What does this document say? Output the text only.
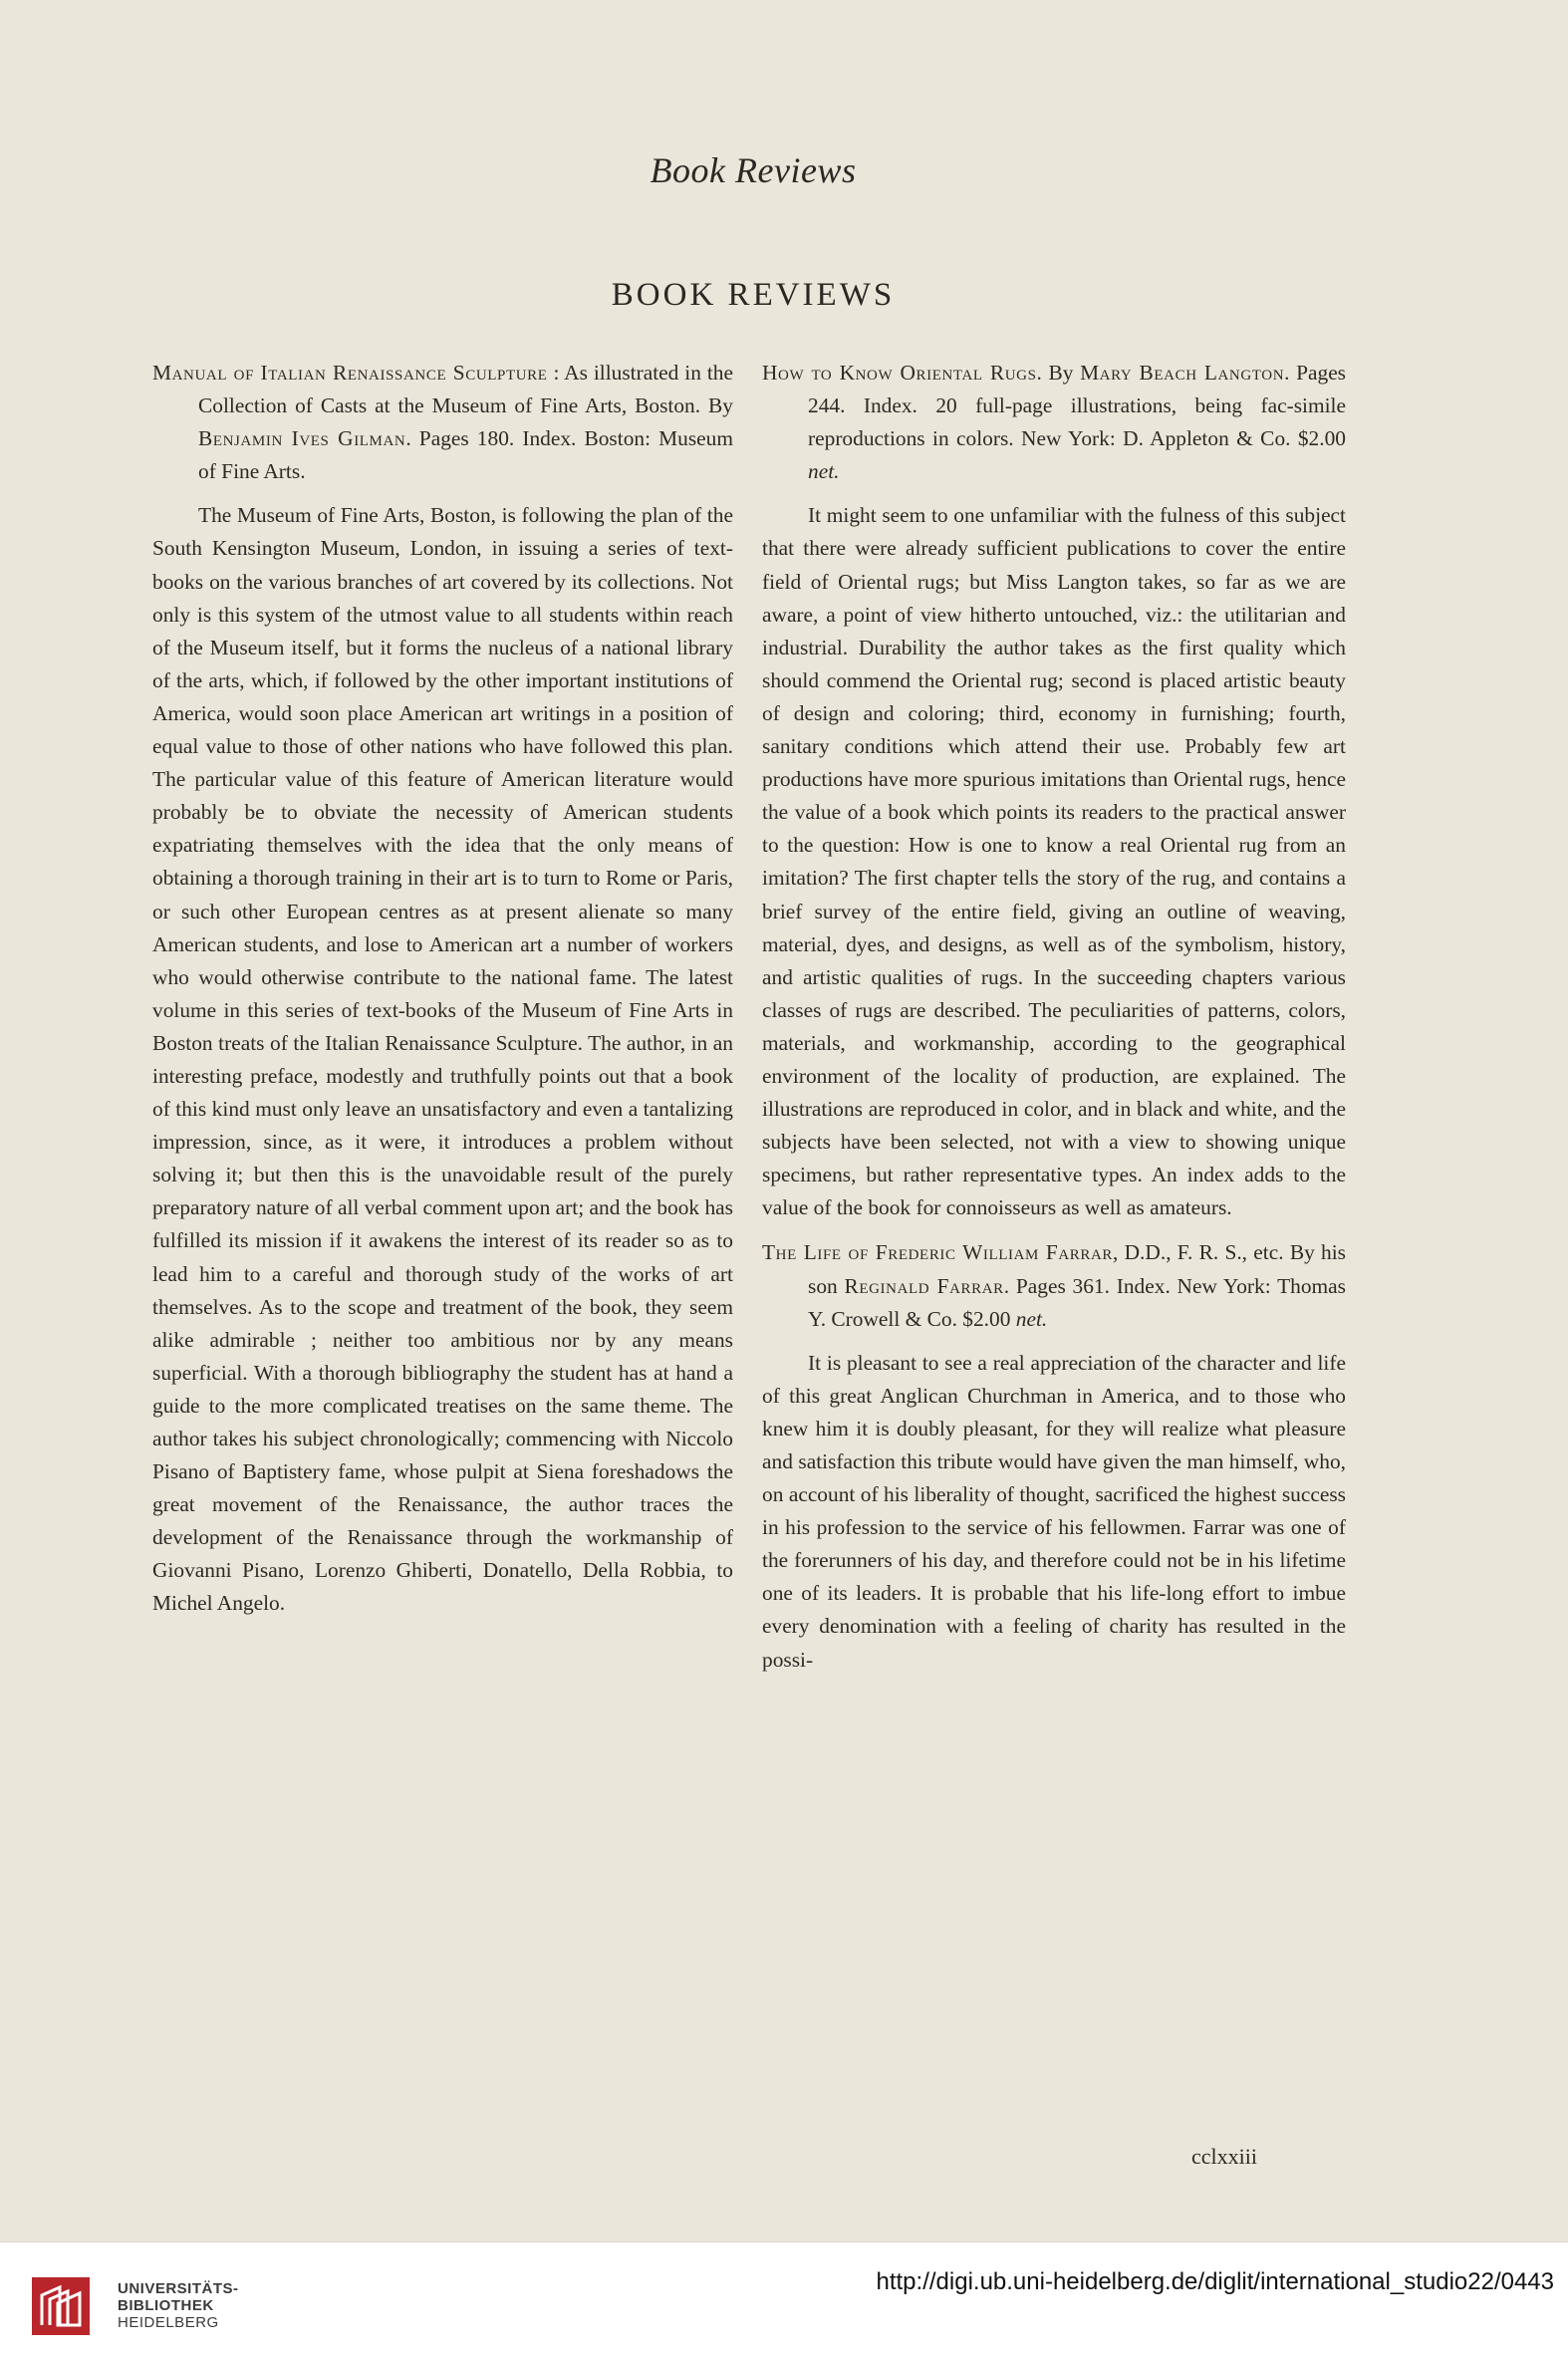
Book Reviews
BOOK REVIEWS

Manual of Italian Renaissance Sculpture : As illustrated in the Collection of Casts at the Museum of Fine Arts, Boston. By Benjamin Ives Gilman. Pages 180. Index. Boston: Museum of Fine Arts.

The Museum of Fine Arts, Boston, is following the plan of the South Kensington Museum, London, in issuing a series of text-books on the various branches of art covered by its collections. Not only is this system of the utmost value to all students within reach of the Museum itself, but it forms the nucleus of a national library of the arts, which, if followed by the other important institutions of America, would soon place American art writings in a position of equal value to those of other nations who have followed this plan. The particular value of this feature of American literature would probably be to obviate the necessity of American students expatriating themselves with the idea that the only means of obtaining a thorough training in their art is to turn to Rome or Paris, or such other European centres as at present alienate so many American students, and lose to American art a number of workers who would otherwise contribute to the national fame. The latest volume in this series of text-books of the Museum of Fine Arts in Boston treats of the Italian Renaissance Sculpture. The author, in an interesting preface, modestly and truthfully points out that a book of this kind must only leave an unsatisfactory and even a tantalizing impression, since, as it were, it introduces a problem without solving it; but then this is the unavoidable result of the purely preparatory nature of all verbal comment upon art; and the book has fulfilled its mission if it awakens the interest of its reader so as to lead him to a careful and thorough study of the works of art themselves. As to the scope and treatment of the book, they seem alike admirable ; neither too ambitious nor by any means superficial. With a thorough bibliography the student has at hand a guide to the more complicated treatises on the same theme. The author takes his subject chronologically; commencing with Niccolo Pisano of Baptistery fame, whose pulpit at Siena foreshadows the great movement of the Renaissance, the author traces the development of the Renaissance through the workmanship of Giovanni Pisano, Lorenzo Ghiberti, Donatello, Della Robbia, to Michel Angelo.

How to Know Oriental Rugs. By Mary Beach Langton. Pages 244. Index. 20 full-page illustrations, being fac-simile reproductions in colors. New York: D. Appleton & Co. $2.00 net.

It might seem to one unfamiliar with the fulness of this subject that there were already sufficient publications to cover the entire field of Oriental rugs; but Miss Langton takes, so far as we are aware, a point of view hitherto untouched, viz.: the utilitarian and industrial. Durability the author takes as the first quality which should commend the Oriental rug; second is placed artistic beauty of design and coloring; third, economy in furnishing; fourth, sanitary conditions which attend their use. Probably few art productions have more spurious imitations than Oriental rugs, hence the value of a book which points its readers to the practical answer to the question: How is one to know a real Oriental rug from an imitation? The first chapter tells the story of the rug, and contains a brief survey of the entire field, giving an outline of weaving, material, dyes, and designs, as well as of the symbolism, history, and artistic qualities of rugs. In the succeeding chapters various classes of rugs are described. The peculiarities of patterns, colors, materials, and workmanship, according to the geographical environment of the locality of production, are explained. The illustrations are reproduced in color, and in black and white, and the subjects have been selected, not with a view to showing unique specimens, but rather representative types. An index adds to the value of the book for connoisseurs as well as amateurs.

The Life of Frederic William Farrar, D.D., F. R. S., etc. By his son Reginald Farrar. Pages 361. Index. New York: Thomas Y. Crowell & Co. $2.00 net.

It is pleasant to see a real appreciation of the character and life of this great Anglican Churchman in America, and to those who knew him it is doubly pleasant, for they will realize what pleasure and satisfaction this tribute would have given the man himself, who, on account of his liberality of thought, sacrificed the highest success in his profession to the service of his fellowmen. Farrar was one of the forerunners of his day, and therefore could not be in his lifetime one of its leaders. It is probable that his life-long effort to imbue every denomination with a feeling of charity has resulted in the possi-

cclxxiii
UNIVERSITÄTS-
BIBLIOTHEK
HEIDELBERG
http://digi.ub.uni-heidelberg.de/diglit/international_studio22/0443
